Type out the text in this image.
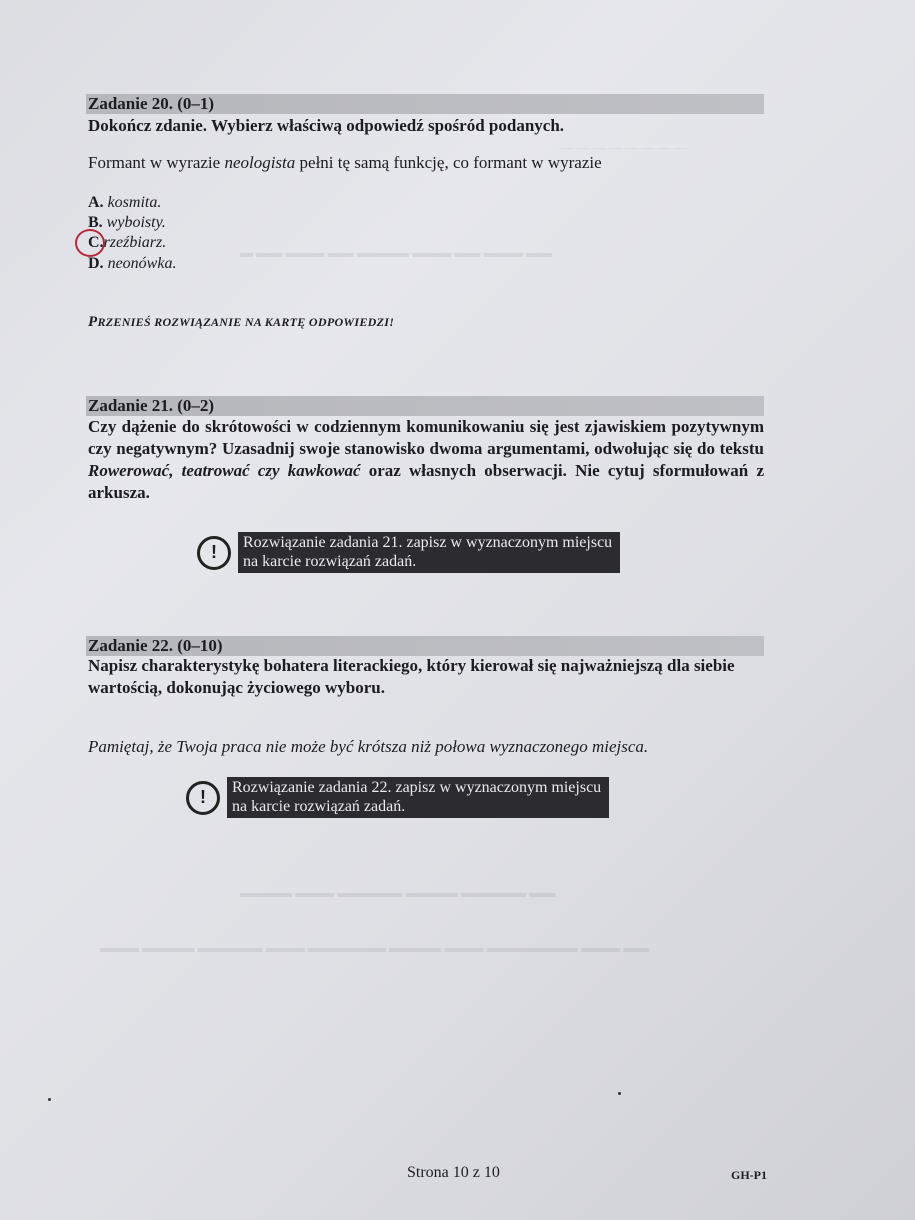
― ― ― ― ― ― ― ―
▬ ▬▬ ▬▬▬ ▬▬ ▬▬▬▬ ▬▬▬ ▬▬ ▬▬▬ ▬▬
▬▬▬▬ ▬▬▬ ▬▬▬▬▬ ▬▬▬▬ ▬▬▬▬▬ ▬▬
▬▬▬ ▬▬▬▬ ▬▬▬▬▬ ▬▬▬ ▬▬▬▬▬▬ ▬▬▬▬ ▬▬▬ ▬▬▬▬▬▬▬ ▬▬▬ ▬▬
Zadanie 20. (0–1)
Dokończ zdanie. Wybierz właściwą odpowiedź spośród podanych.
Formant w wyrazie neologista pełni tę samą funkcję, co formant w wyrazie
A. kosmita.
B. wyboisty.
C.rzeźbiarz.
D. neonówka.
PRZENIEŚ ROZWIĄZANIE NA KARTĘ ODPOWIEDZI!
Zadanie 21. (0–2)
Czy dążenie do skrótowości w codziennym komunikowaniu się jest zjawiskiem pozytywnym czy negatywnym? Uzasadnij swoje stanowisko dwoma argumentami, odwołując się do tekstu Rowerować, teatrować czy kawkować oraz własnych obserwacji. Nie cytuj sformułowań z arkusza.
!	Rozwiązanie zadania 21. zapisz w wyznaczonym miejscu
na karcie rozwiązań zadań.
Zadanie 22. (0–10)
Napisz charakterystykę bohatera literackiego, który kierował się najważniejszą dla siebie wartością, dokonując życiowego wyboru.
Pamiętaj, że Twoja praca nie może być krótsza niż połowa wyznaczonego miejsca.
!	Rozwiązanie zadania 22. zapisz w wyznaczonym miejscu
na karcie rozwiązań zadań.
Strona 10 z 10	GH-P1
